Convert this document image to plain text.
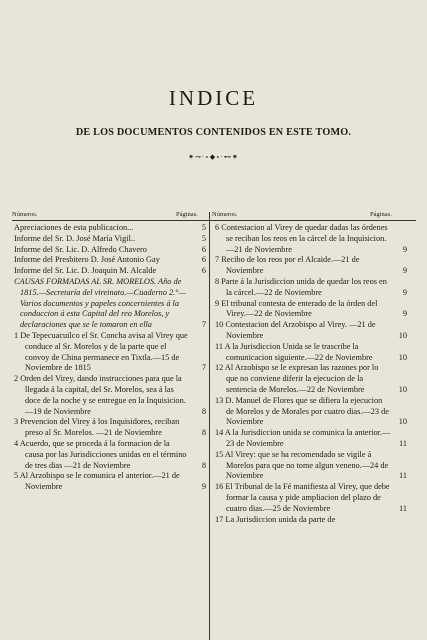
INDICE
DE LOS DOCUMENTOS CONTENIDOS EN ESTE TOMO.
⁕⊸⋅∘◆∘⋅⊷⁕
Números.	Páginas. Números.	Páginas.
Apreciaciones de esta publicacion...	5
Informe del Sr. D. José María Vigil..	5
Informe del Sr. Lic. D. Alfredo Chavero	6
Informe del Presbitero D. José Antonio Gay	6
Informe del Sr. Lic. D. Joaquin M. Alcalde	6
CAUSAS FORMADAS AL SR. MORELOS. Año de 1815.—Secretaría del vireinato.—Cuaderno 2.°—Varios documentos y papeles concernientes á la conduccion á esta Capital del reo Morelos, y declaraciones que se le tomaron en ella	7
1 De Tepecuacuilco el Sr. Concha avisa al Virey que conduce al Sr. Morelos y de la parte que el convoy de China permanece en Tixtla.—15 de Noviembre de 1815	7
2 Orden del Virey, dando instrucciones para que la llegada á la capital, del Sr. Morelos, sea á las doce de la noche y se entregue en la Inquisicion. —19 de Noviembre	8
3 Prevencion del Virey á los Inquisidores, reciban preso al Sr. Morelos. —21 de Noviembre	8
4 Acuerdo, que se proceda á la formacion de la causa por las Jurisdicciones unidas en el término de tres dias —21 de Noviembre	8
5 Al Arzobispo se le comunica el anterior.—21 de Noviembre	9
6 Contestacion al Virey de quedar dadas las órdenes se reciban los reos en la cárcel de la Inquisicion.—21 de Noviembre	9
7 Recibo de los reos por el Alcaide.—21 de Noviembre	9
8 Parte á la Jurisdiccion unida de quedar los reos en la cárcel.—22 de Noviembre	9
9 El tribunal contesta de enterado de la órden del Virey.—22 de Noviembre	9
10 Contestacion del Arzobispo al Virey. —21 de Noviembre	10
11 A la Jurisdiccion Unida se le trascribe la comunicacion siguiente.—22 de Noviembre	10
12 Al Arzobispo se le expresan las razones por lo que no conviene diferir la ejecucion de la sentencia de Morelos.—22 de Noviembre	10
13 D. Manuel de Flores que se difiera la ejecucion de Morelos y de Morales por cuatro dias.—23 de Noviembre	10
14 A la Jurisdiccion unida se comunica la anterior.—23 de Noviembre	11
15 Al Virey: que se ha recomendado se vigile á Morelos para que no tome algun veneno.—24 de Noviembre	11
16 El Tribunal de la Fé manifiesta al Virey, que debe formar la causa y pide ampliacion del plazo de cuatro dias.—25 de Noviembre	11
17 La Jurisdiccion unida da parte de
